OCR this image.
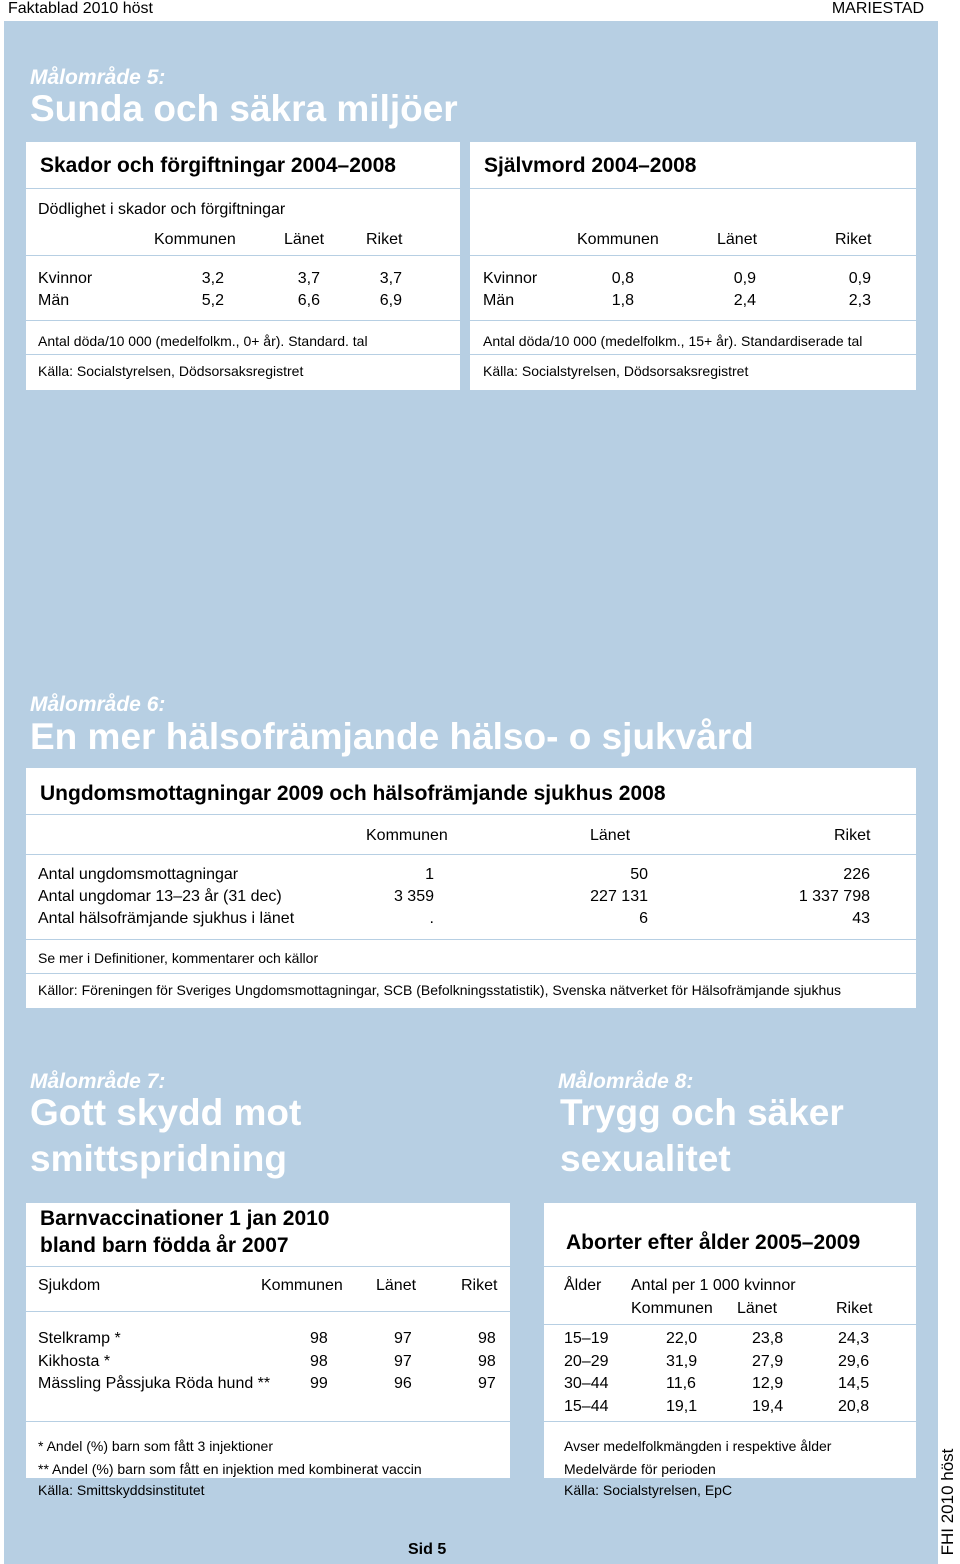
Faktablad 2010 höst	MARIESTAD
Målområde 5:
Sunda och säkra miljöer
Skador och förgiftningar 2004–2008
Dödlighet i skador och förgiftningar
Kommunen	Länet	Riket
Kvinnor	3,2	3,7	3,7
Män	5,2	6,6	6,9
Antal döda/10 000 (medelfolkm., 0+ år). Standard. tal
Källa: Socialstyrelsen, Dödsorsaksregistret
Självmord 2004–2008
Kommunen	Länet	Riket
Kvinnor	0,8	0,9	0,9
Män	1,8	2,4	2,3
Antal döda/10 000 (medelfolkm., 15+ år). Standardiserade tal
Källa: Socialstyrelsen, Dödsorsaksregistret
Målområde 6:
En mer hälsofrämjande hälso- o sjukvård
Ungdomsmottagningar 2009 och hälsofrämjande sjukhus 2008
Kommunen	Länet	Riket
Antal ungdomsmottagningar	1	50	226
Antal ungdomar 13–23 år (31 dec)	3 359	227 131	1 337 798
Antal hälsofrämjande sjukhus i länet	.	6	43
Se mer i Definitioner, kommentarer och källor
Källor: Föreningen för Sveriges Ungdomsmottagningar, SCB (Befolkningsstatistik), Svenska nätverket för Hälsofrämjande sjukhus
Målområde 7:
Gott skydd mot
smittspridning
Målområde 8:
Trygg och säker
sexualitet
Barnvaccinationer 1 jan 2010
bland barn födda år 2007
Sjukdom	Kommunen Länet	Riket
Stelkramp *	98	97	98
Kikhosta *	98	97	98
Mässling Påssjuka Röda hund ** 99	96	97
* Andel (%) barn som fått 3 injektioner
** Andel (%) barn som fått en injektion med kombinerat vaccin
Källa: Smittskyddsinstitutet
Aborter efter ålder 2005–2009
Ålder Antal per 1 000 kvinnor
Kommunen Länet	Riket
15–19	22,0	23,8	24,3
20–29	31,9	27,9	29,6
30–44	11,6	12,9	14,5
15–44	19,1	19,4	20,8
Avser medelfolkmängden i respektive ålder
Medelvärde för perioden
Källa: Socialstyrelsen, EpC
Sid 5	FHI 2010 höst
